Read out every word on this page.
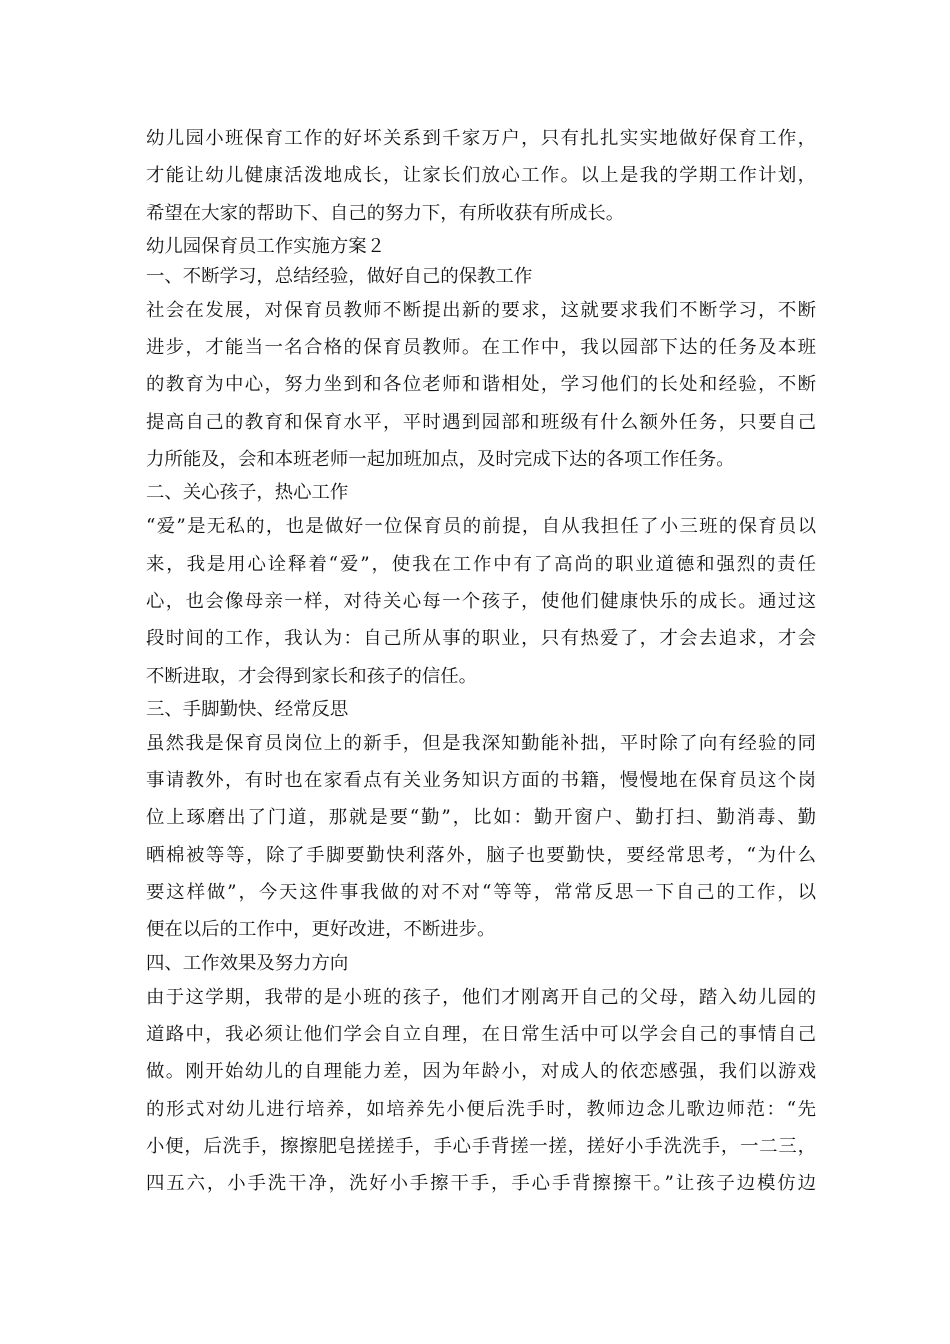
幼儿园小班保育工作的好坏关系到千家万户，只有扎扎实实地做好保育工作，
才能让幼儿健康活泼地成长，让家长们放心工作。以上是我的学期工作计划，
希望在大家的帮助下、自己的努力下，有所收获有所成长。
幼儿园保育员工作实施方案２
一、不断学习，总结经验，做好自己的保教工作
社会在发展，对保育员教师不断提出新的要求，这就要求我们不断学习，不断
进步，才能当一名合格的保育员教师。在工作中，我以园部下达的任务及本班
的教育为中心，努力坐到和各位老师和谐相处，学习他们的长处和经验，不断
提高自己的教育和保育水平，平时遇到园部和班级有什么额外任务，只要自己
力所能及，会和本班老师一起加班加点，及时完成下达的各项工作任务。
二、关心孩子，热心工作
“爱”是无私的，也是做好一位保育员的前提，自从我担任了小三班的保育员以
来，我是用心诠释着“爱”，使我在工作中有了高尚的职业道德和强烈的责任
心，也会像母亲一样，对待关心每一个孩子，使他们健康快乐的成长。通过这
段时间的工作，我认为：自己所从事的职业，只有热爱了，才会去追求，才会
不断进取，才会得到家长和孩子的信任。
三、手脚勤快、经常反思
虽然我是保育员岗位上的新手，但是我深知勤能补拙，平时除了向有经验的同
事请教外，有时也在家看点有关业务知识方面的书籍，慢慢地在保育员这个岗
位上琢磨出了门道，那就是要“勤”，比如：勤开窗户、勤打扫、勤消毒、勤
晒棉被等等，除了手脚要勤快利落外，脑子也要勤快，要经常思考，“为什么
要这样做”，今天这件事我做的对不对“等等，常常反思一下自己的工作，以
便在以后的工作中，更好改进，不断进步。
四、工作效果及努力方向
由于这学期，我带的是小班的孩子，他们才刚离开自己的父母，踏入幼儿园的
道路中，我必须让他们学会自立自理，在日常生活中可以学会自己的事情自己
做。刚开始幼儿的自理能力差，因为年龄小，对成人的依恋感强，我们以游戏
的形式对幼儿进行培养，如培养先小便后洗手时，教师边念儿歌边师范：“先
小便，后洗手，擦擦肥皂搓搓手，手心手背搓一搓，搓好小手洗洗手，一二三，
四五六，小手洗干净，洗好小手擦干手，手心手背擦擦干。”让孩子边模仿边
